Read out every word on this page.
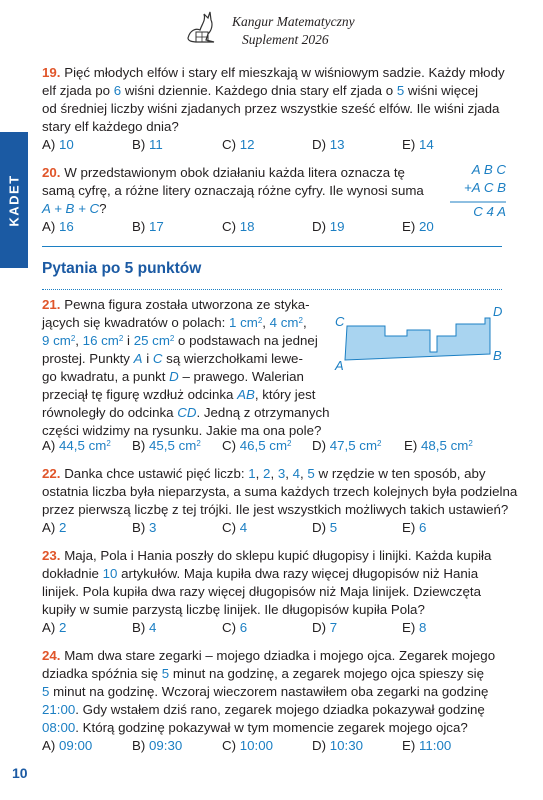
Kangur Matematyczny
Suplement 2026
KADET
19. Pięć młodych elfów i stary elf mieszkają w wiśniowym sadzie. Każdy młody
elf zjada po 6 wiśni dziennie. Każdego dnia stary elf zjada o 5 wiśni więcej
od średniej liczby wiśni zjadanych przez wszystkie sześć elfów. Ile wiśni zjada
stary elf każdego dnia?
A) 10	B) 11	C) 12	D) 13	E) 14
20. W przedstawionym obok działaniu każda litera oznacza tę
samą cyfrę, a różne litery oznaczają różne cyfry. Ile wynosi suma
A + B + C?
A B C
+A C B
C 4 A
A) 16	B) 17	C) 18	D) 19	E) 20
Pytania po 5 punktów
21. Pewna figura została utworzona ze styka-
jących się kwadratów o polach: 1 $cm^2$, 4 $cm^2$,
9 $cm^2$, 16 $cm^2$ i 25 $cm^2$ o podstawach na jednej
prostej. Punkty A i C są wierzchołkami lewe-
go kwadratu, a punkt D – prawego. Walerian
przeciął tę figurę wzdłuż odcinka AB, który jest
równoległy do odcinka CD. Jedną z otrzymanych
części widzimy na rysunku. Jakie ma ona pole?
C
D
A
B
A) 44,5 $cm^2$ B) 45,5 $cm^2$ C) 46,5 $cm^2$ D) 47,5 $cm^2$ E) 48,5 $cm^2$
22. Danka chce ustawić pięć liczb: 1, 2, 3, 4, 5 w rzędzie w ten sposób, aby
ostatnia liczba była nieparzysta, a suma każdych trzech kolejnych była podzielna
przez pierwszą liczbę z tej trójki. Ile jest wszystkich możliwych takich ustawień?
A) 2	B) 3	C) 4	D) 5	E) 6
23. Maja, Pola i Hania poszły do sklepu kupić długopisy i linijki. Każda kupiła
dokładnie 10 artykułów. Maja kupiła dwa razy więcej długopisów niż Hania
linijek. Pola kupiła dwa razy więcej długopisów niż Maja linijek. Dziewczęta
kupiły w sumie parzystą liczbę linijek. Ile długopisów kupiła Pola?
A) 2	B) 4	C) 6	D) 7	E) 8
24. Mam dwa stare zegarki – mojego dziadka i mojego ojca. Zegarek mojego
dziadka spóźnia się 5 minut na godzinę, a zegarek mojego ojca spieszy się
5 minut na godzinę. Wczoraj wieczorem nastawiłem oba zegarki na godzinę
21:00. Gdy wstałem dziś rano, zegarek mojego dziadka pokazywał godzinę
08:00. Którą godzinę pokazywał w tym momencie zegarek mojego ojca?
A) 09:00	B) 09:30	C) 10:00	D) 10:30	E) 11:00
10
